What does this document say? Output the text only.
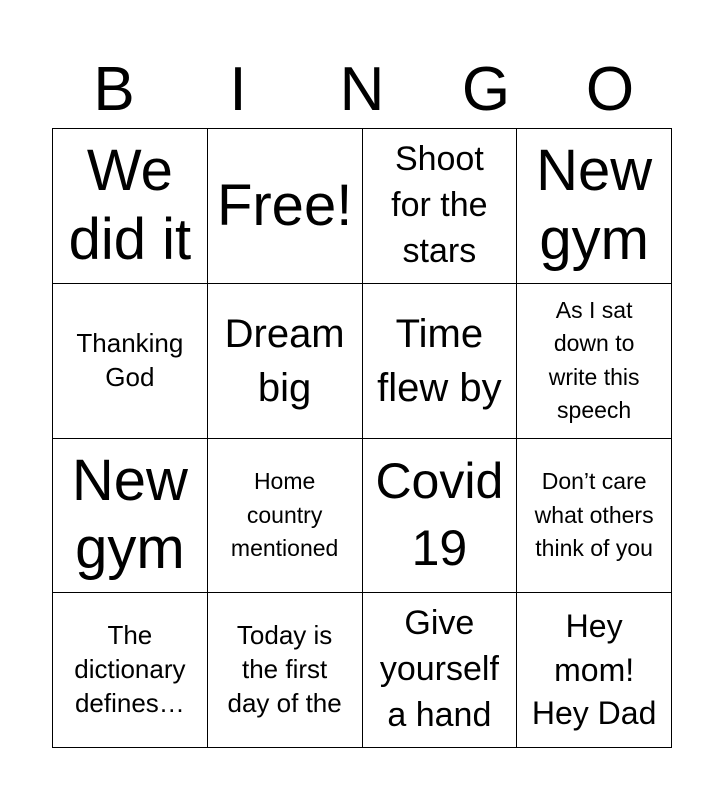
B	I	N	G	O
We
did it
Free!
Shoot
for the
stars
New
gym
Thanking
God
Dream
big
Time
flew by
As I sat
down to
write this
speech
New
gym
Home
country
mentioned
Covid
19
Don’t care
what others
think of you
The
dictionary
defines…
Today is
the first
day of the
Give
yourself
a hand
Hey
mom!
Hey Dad
